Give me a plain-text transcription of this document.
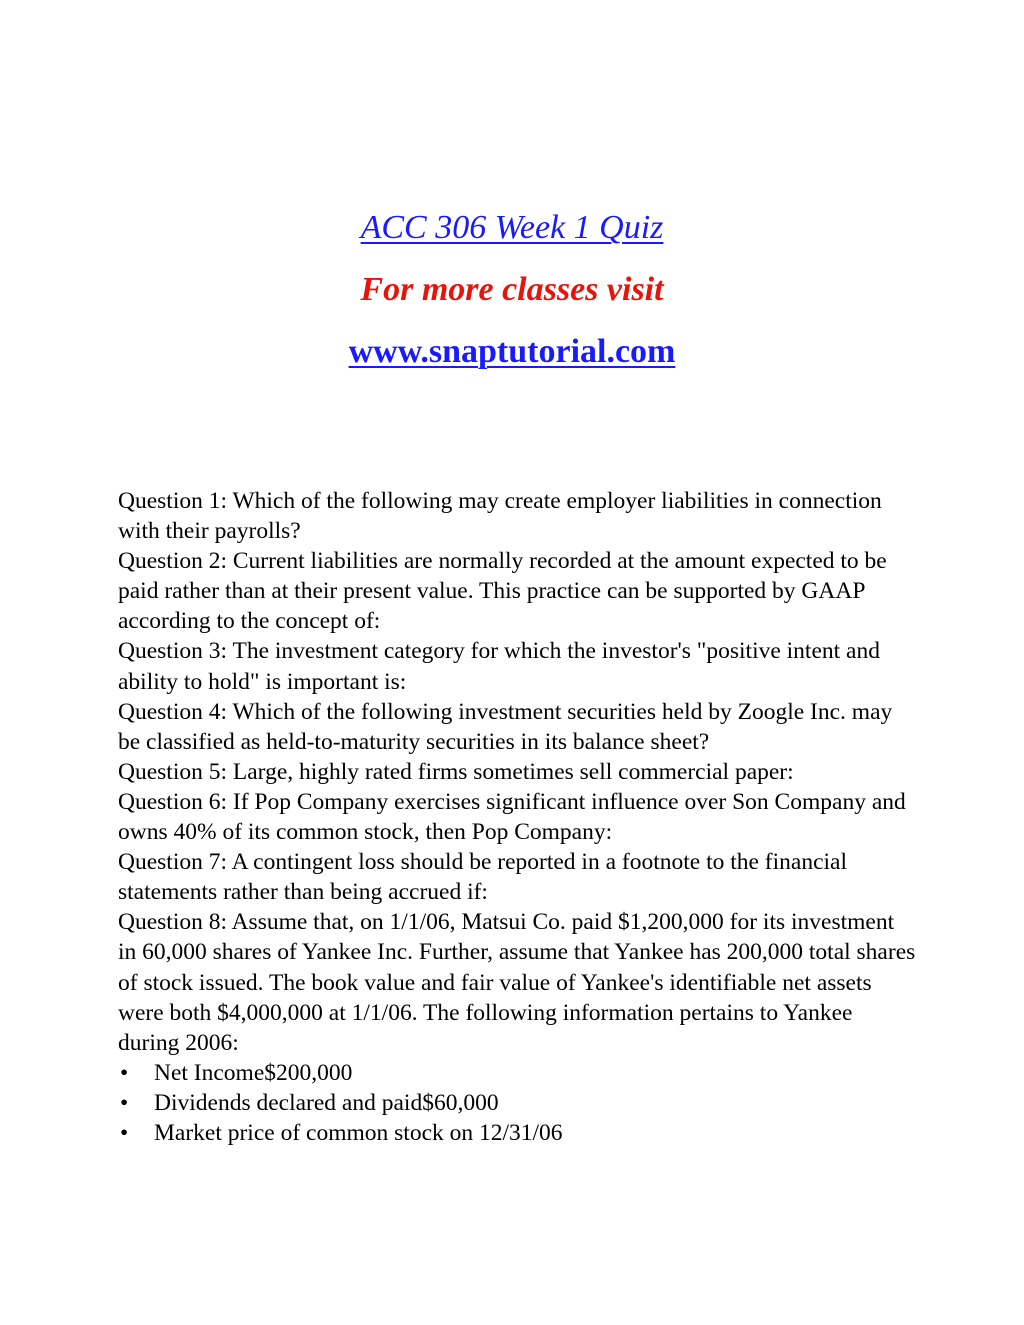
ACC 306 Week 1 Quiz
For more classes visit
www.snaptutorial.com

Question 1: Which of the following may create employer liabilities in connection with their payrolls?

Question 2: Current liabilities are normally recorded at the amount expected to be paid rather than at their present value. This practice can be supported by GAAP according to the concept of:

Question 3: The investment category for which the investor's "positive intent and ability to hold" is important is:

Question 4: Which of the following investment securities held by Zoogle Inc. may be classified as held-to-maturity securities in its balance sheet?

Question 5: Large, highly rated firms sometimes sell commercial paper:

Question 6: If Pop Company exercises significant influence over Son Company and owns 40% of its common stock, then Pop Company:

Question 7: A contingent loss should be reported in a footnote to the financial statements rather than being accrued if:

Question 8: Assume that, on 1/1/06, Matsui Co. paid $1,200,000 for its investment in 60,000 shares of Yankee Inc. Further, assume that Yankee has 200,000 total shares of stock issued. The book value and fair value of Yankee's identifiable net assets were both $4,000,000 at 1/1/06. The following information pertains to Yankee during 2006:

• Net Income$200,000
• Dividends declared and paid$60,000
• Market price of common stock on 12/31/06
